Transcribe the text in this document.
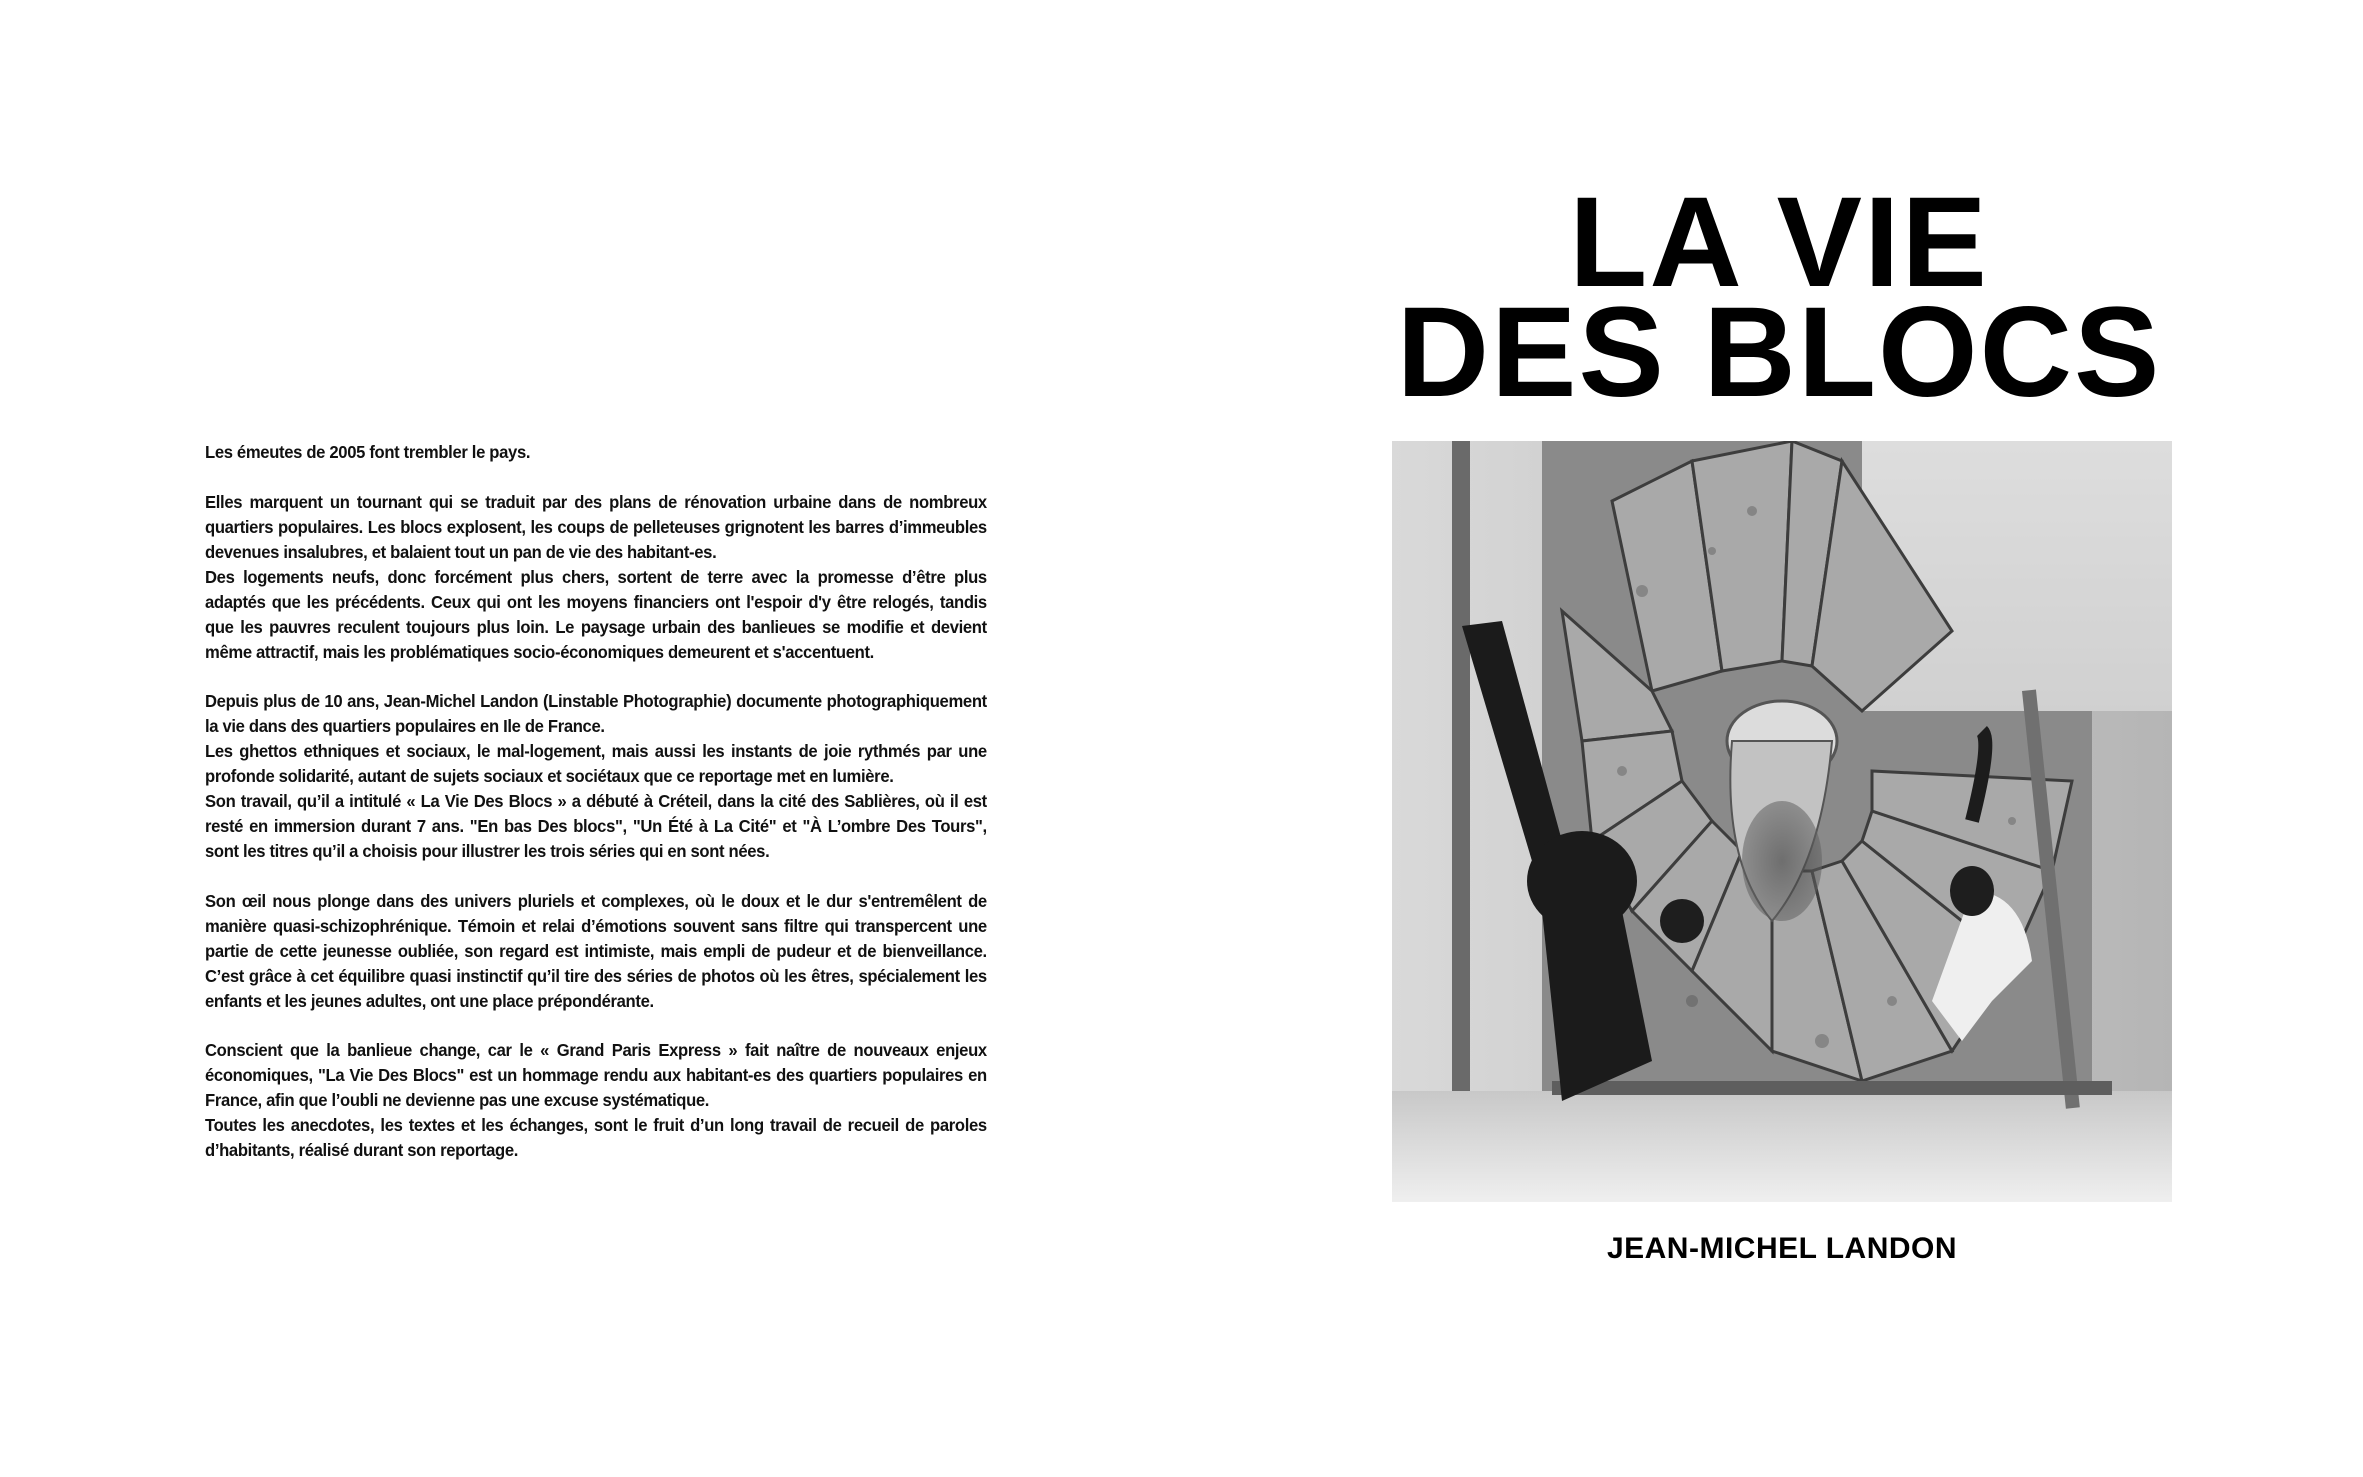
Les émeutes de 2005 font trembler le pays.

Elles marquent un tournant qui se traduit par des plans de rénovation urbaine dans de nombreux quartiers populaires. Les blocs explosent, les coups de pelleteuses grignotent les barres d’immeubles devenues insalubres, et balaient tout un pan de vie des habitant-es.
Des logements neufs, donc forcément plus chers, sortent de terre avec la promesse d’être plus adaptés que les précédents. Ceux qui ont les moyens financiers ont l'espoir d'y être relogés, tandis que les pauvres reculent toujours plus loin. Le paysage urbain des banlieues se modifie et devient même attractif, mais les problématiques socio-économiques demeurent et s'accentuent.

Depuis plus de 10 ans, Jean-Michel Landon (Linstable Photographie) documente photographiquement la vie dans des quartiers populaires en Ile de France.
Les ghettos ethniques et sociaux, le mal-logement, mais aussi les instants de joie rythmés par une profonde solidarité, autant de sujets sociaux et sociétaux que ce reportage met en lumière.
Son travail, qu’il a intitulé « La Vie Des Blocs » a débuté à Créteil, dans la cité des Sablières, où il est resté en immersion durant 7 ans. "En bas Des blocs", "Un Été à La Cité" et "À L’ombre Des Tours", sont les titres qu’il a choisis pour illustrer les trois séries qui en sont nées.

Son œil nous plonge dans des univers pluriels et complexes, où le doux et le dur s'entremêlent de manière quasi-schizophrénique. Témoin et relai d’émotions souvent sans filtre qui transpercent une partie de cette jeunesse oubliée, son regard est intimiste, mais empli de pudeur et de bienveillance. C’est grâce à cet équilibre quasi instinctif qu’il tire des séries de photos où les êtres, spécialement les enfants et les jeunes adultes, ont une place prépondérante.

Conscient que la banlieue change, car le « Grand Paris Express » fait naître de nouveaux enjeux économiques, "La Vie Des Blocs" est un hommage rendu aux habitant-es des quartiers populaires en France, afin que l’oubli ne devienne pas une excuse systématique.
Toutes les anecdotes, les textes et les échanges, sont le fruit d’un long travail de recueil de paroles d’habitants, réalisé durant son reportage.

LA VIE
DES BLOCS
JEAN-MICHEL LANDON
